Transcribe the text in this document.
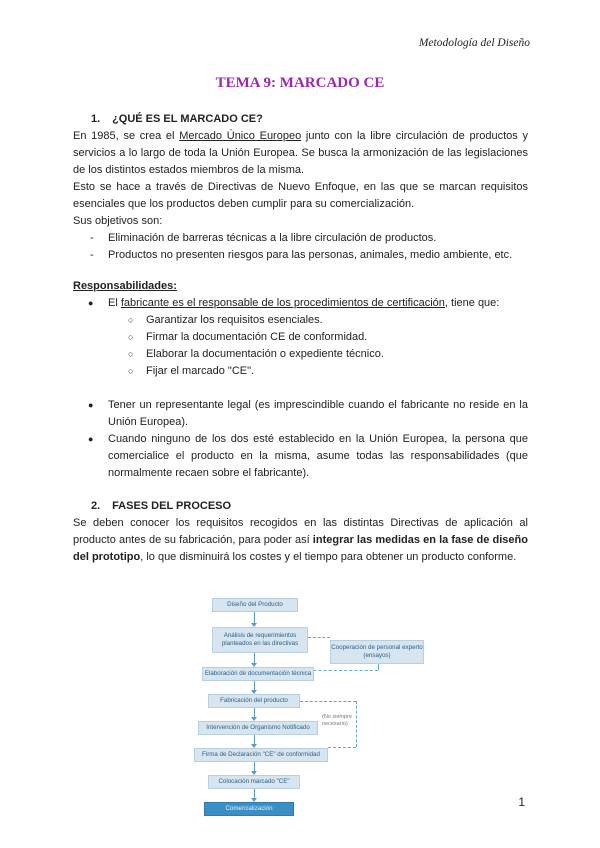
Metodología del Diseño
TEMA 9: MARCADO CE
1. ¿QUÉ ES EL MARCADO CE?

En 1985, se crea el Mercado Único Europeo junto con la libre circulación de productos y servicios a lo largo de toda la Unión Europea. Se busca la armonización de las legislaciones de los distintos estados miembros de la misma.

Esto se hace a través de Directivas de Nuevo Enfoque, en las que se marcan requisitos esenciales que los productos deben cumplir para su comercialización.

Sus objetivos son:

- Eliminación de barreras técnicas a la libre circulación de productos.
- Productos no presenten riesgos para las personas, animales, medio ambiente, etc.
Responsabilidades:
● El fabricante es el responsable de los procedimientos de certificación, tiene que:
○ Garantizar los requisitos esenciales.
○ Firmar la documentación CE de conformidad.
○ Elaborar la documentación o expediente técnico.
○ Fijar el marcado "CE".
● Tener un representante legal (es imprescindible cuando el fabricante no reside en la Unión Europea).
● Cuando ninguno de los dos esté establecido en la Unión Europea, la persona que comercialice el producto en la misma, asume todas las responsabilidades (que normalmente recaen sobre el fabricante).
2. FASES DEL PROCESO

Se deben conocer los requisitos recogidos en las distintas Directivas de aplicación al producto antes de su fabricación, para poder así integrar las medidas en la fase de diseño del prototipo, lo que disminuirá los costes y el tiempo para obtener un producto conforme.

Diseño del Producto
Análisis de requerimientos planteados en las directivas
Cooperación de personal experto (ensayos)
Elaboración de documentación técnica
Fabricación del producto
Intervención de Organismo Notificado
(No siempre necesario)
Firma de Declaración "CE" de conformidad
Colocación marcado "CE"
Comercialización	1
